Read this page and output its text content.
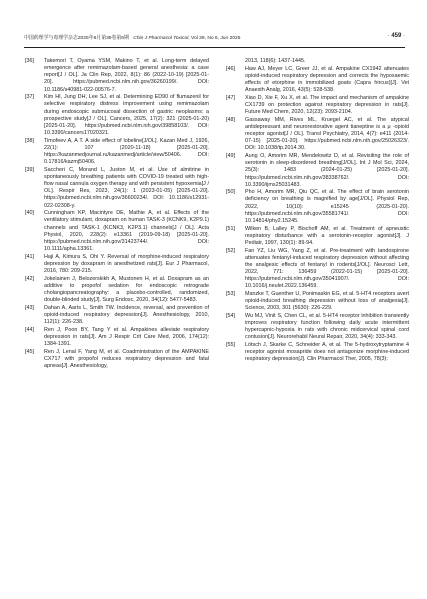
中国药理学与毒理学杂志2025年6月第39卷第6期 Chin J Pharmacol Toxicol, Vol 39, No 6, Jun 2025	· 459 ·

[36] Takemori T, Oyama YSM, Makino T, et al. Long-term delayed emergence after remimazolam-based general anesthesia: a case report[J / OL]. Ja Clin Rep, 2022, 8(1): 86 (2022-10-19) [2025-01-20]. https://pubmed.ncbi.nlm.nih.gov/36260199/. DOI: 10.1186/s40981-022-00576-7.

[37] Kim HI, Jung DH, Lee SJ, et al. Determining ED90 of flumazenil for selective respiratory distress improvement using remimazolam during endoscopic submucosal dissection of gastric neoplasms: a prospective study[J / OL]. Cancers, 2025, 17(2): 321 (2025-01-20) [2025-01-20]. https://pubmed.ncbi.nlm.nih.gov/39858103/. DOI: 10.3390/cancers17020321.

[38] Timofeev A, A T. A side effect of lobeline[J/OL]. Kazan Med J, 1926, 22(1): 107 (2020-11-18) [2025-01-20]. https://kazanmedjournal.ru/kazanmedj/article/view/50406. DOI: 0.17816/kazmj50406.

[39] Saccheri C, Morand L, Juston M, et al. Use of almitrine in spontaneously breathing patients with COVID-19 treated with high-flow nasal cannula oxygen therapy and with persistent hypoxemia[J / OL]. Respir Res, 2023, 24(1): 1 (2023-01-05) [2025-01-20]. https://pubmed.ncbi.nlm.nih.gov/36600234/. DOI: 10.1186/s12931-022-02308-y.

[40] Cunningham KP, Macintyre DE, Mathie A, et al. Effects of the ventilatory stimulant, doxapram on human TASK-3 (KCNK9, K2P9.1) channels and TASK-1 (KCNK3, K2P3.1) channels[J / OL]. Acta Physiol, 2020, 228(2): e13361 (2019-09-18) [2025-01-20]. https://pubmed.ncbi.nlm.nih.gov/31423744/. DOI: 10.1111/apha.13361.

[41] Haji A, Kimura S, Ohi Y. Reversal of morphine-induced respiratory depression by doxapram in anesthetized rats[J]. Eur J Pharmacol, 2016, 780: 209-215.

[42] Jokelainen J, Belozerskikh A, Mustonen H, et al. Doxapram as an additive to propofol sedation for endoscopic retrograde cholangiopancreatography: a placebo-controlled, randomized, double-blinded study[J]. Surg Endosc, 2020, 34(12): 5477-5483.

[43] Dahan A, Aarts L, Smith TW. Incidence, reversal, and prevention of opioid-induced respiratory depression[J]. Anesthesiology, 2010, 112(1): 226-238.

[44] Ren J, Poon BY, Tang Y et al. Ampakines alleviate respiratory depression in rats[J]. Am J Respir Crit Care Med, 2006, 174(12): 1384-1391.

[45] Ren J, Lenal F, Yang M, et al. Coadministration of the AMPAKINE CX717 with propofol reduces respiratory depression and fatal apneas[J]. Anesthesiology,

2013, 118(6): 1437-1445.

[46] Haw AJ, Meyer LC, Greer JJ, et al. Ampakine CX1942 attenuates opioid-induced respiratory depression and corrects the hypoxaemic effects of etorphine in immobilized goats (Capra hircus)[J]. Vet Anaesth Analg, 2016, 43(5): 528-538.

[47] Xiao D, Xie F, Xu X, et al. The impact and mechanism of ampakine CX1739 on protection against respiratory depression in rats[J]. Future Med Chem, 2020, 12(23): 2093-2104.

[48] Gassaway MM, Rives ML, Kruegel AC, et al. The atypical antidepressant and neurorestorative agent tianeptine is a μ -opioid receptor agonist[J / OL]. Transl Psychiatry, 2014, 4(7): e411 (2014-07-15) [2025-01-20]. https://pubmed.ncbi.nlm.nih.gov/25026323/. DOI: 10.1038/tp.2014.30.

[49] Aung O, Amorim MR, Mendelowitz D, et al. Revisiting the role of serotonin in sleep-disordered breathing[J/OL]. Int J Mol Sci, 2024, 25(3): 1483 (2024-01-25) [2025-01-20]. https://pubmed.ncbi.nlm.nih.gov/38338762/. DOI: 10.3390/ijms25031483.

[50] Pho H, Amorim MR, Qiu QC, et al. The effect of brain serotonin deficiency on breathing is magnified by age[J/OL]. Physiol Rep, 2022, 10(10): e15245 (2025-01-20). https://pubmed.ncbi.nlm.nih.gov/35581741/. DOI: 10.14814/phy2.15245.

[51] Wilken B, Lalley P, Bischoff AM, et al. Treatment of apneustic respiratory disturbance with a serotonin-receptor agonist[J]. J Pediatr, 1997, 130(1): 89-94.

[52] Fan YZ, Liu WG, Yang Z, et al. Pre-treatment with tandospirone attenuates fentanyl-induced respiratory depression without affecting the analgesic effects of fentanyl in rodents[J/OL]. Neurosci Lett, 2022, 771: 136459 (2022-01-15) [2025-01-20]. https://pubmed.ncbi.nlm.nih.gov/35041907/. DOI: 10.1016/j.neulet.2022.136459.

[53] Manzke T, Guenther U, Ponimaskin EG, et al. 5-HT4 receptors avert opioid-induced breathing depression without loss of analgesia[J]. Science, 2003, 301 (5630): 226-229.

[54] Wu MJ, Vinit S, Chen CL, et al. 5-HT4 receptor inhibition transiently improves respiratory function following daily acute intermittent hypercapnic-hypoxia in rats with chronic midcervical spinal cord contusion[J]. Neurorehabil Neural Repair, 2020, 34(4): 333-343.

[55] Lötsch J, Skarke C, Schneider A, et al. The 5-hydroxytryptamine 4 receptor agonist mosapride does not antagonize morphine-induced respiratory depression[J]. Clin Pharmacol Ther, 2005, 78(3):
